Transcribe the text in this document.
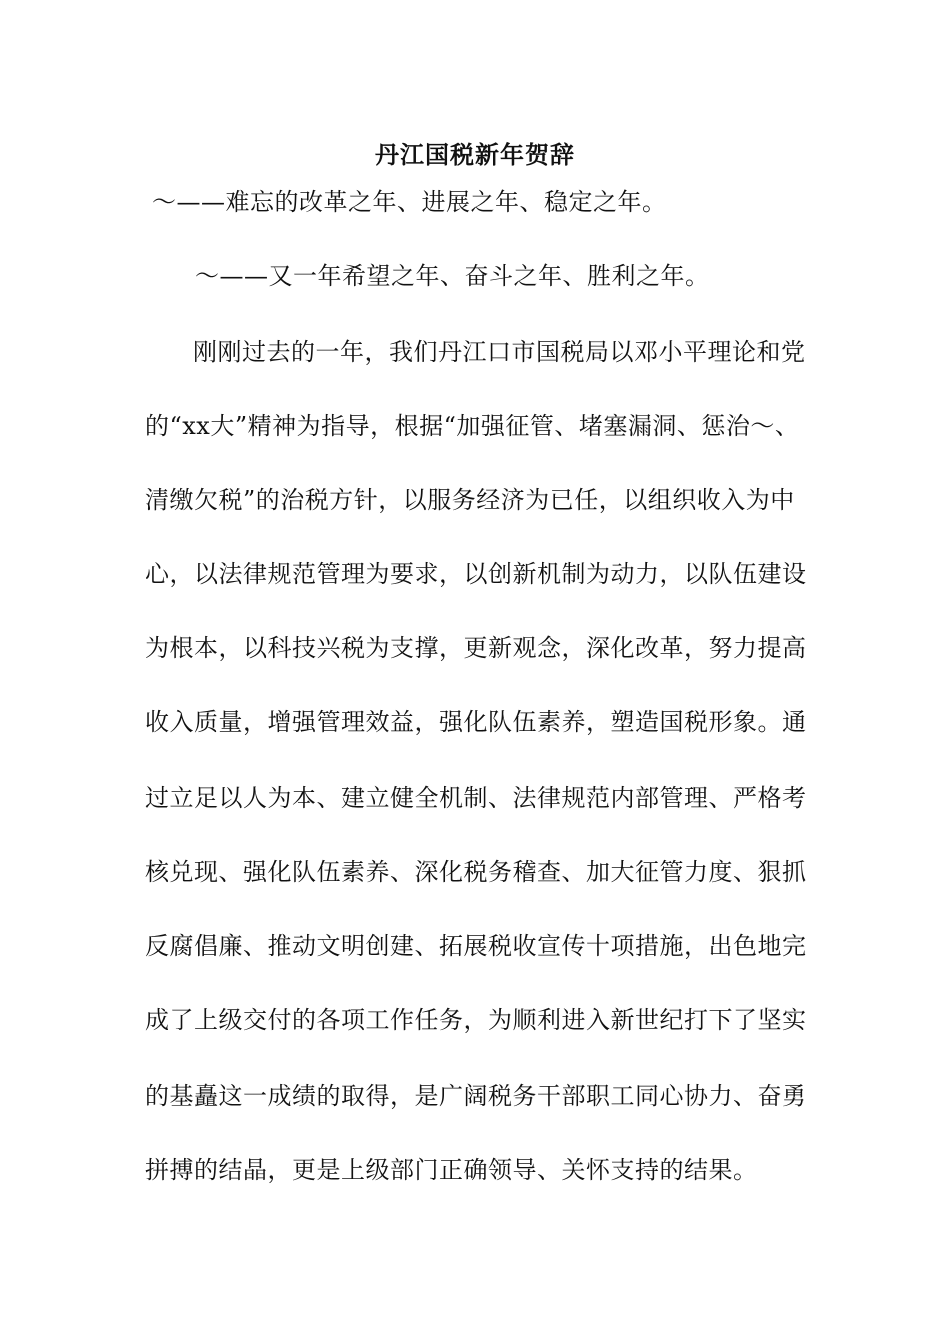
丹江国税新年贺辞
～——难忘的改革之年、进展之年、稳定之年。
～——又一年希望之年、奋斗之年、胜利之年。
刚刚过去的一年，我们丹江口市国税局以邓小平理论和党
的“xx大”精神为指导，根据“加强征管、堵塞漏洞、惩治～、
清缴欠税”的治税方针，以服务经济为已任，以组织收入为中
心，以法律规范管理为要求，以创新机制为动力，以队伍建设
为根本，以科技兴税为支撑，更新观念，深化改革，努力提高
收入质量，增强管理效益，强化队伍素养，塑造国税形象。通
过立足以人为本、建立健全机制、法律规范内部管理、严格考
核兑现、强化队伍素养、深化税务稽查、加大征管力度、狠抓
反腐倡廉、推动文明创建、拓展税收宣传十项措施，出色地完
成了上级交付的各项工作任务，为顺利进入新世纪打下了坚实
的基矗这一成绩的取得，是广阔税务干部职工同心协力、奋勇
拼搏的结晶，更是上级部门正确领导、关怀支持的结果。
